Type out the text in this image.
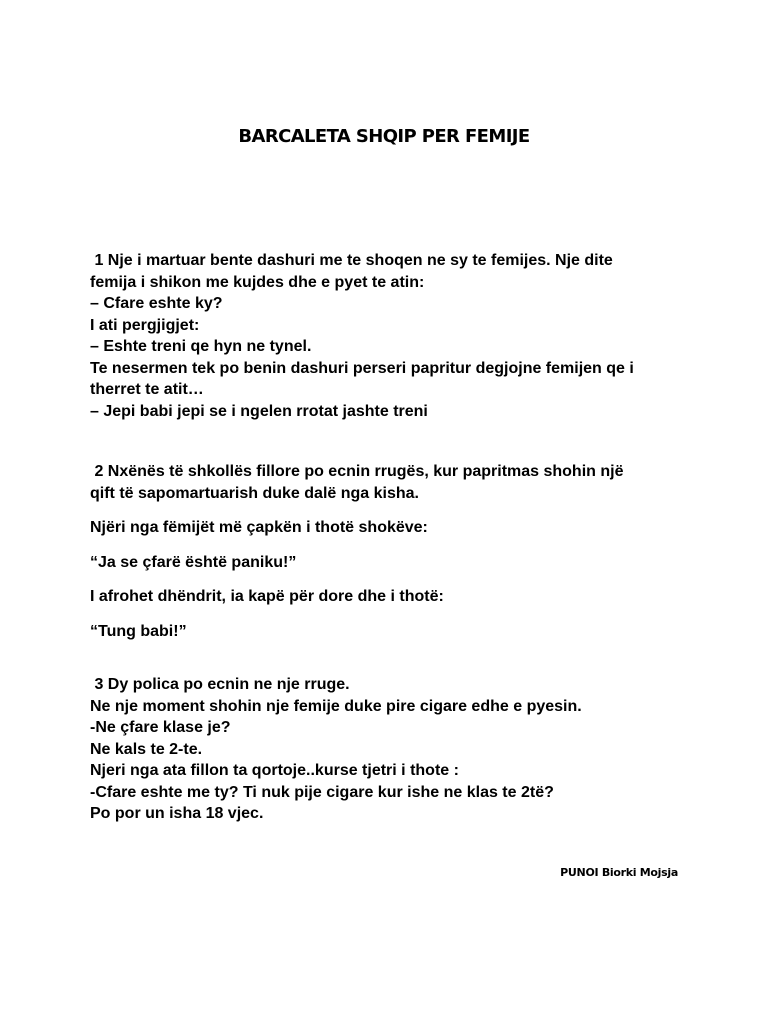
BARCALETA SHQIP PER FEMIJE
1 Nje i martuar bente dashuri me te shoqen ne sy te femijes. Nje dite
femija i shikon me kujdes dhe e pyet te atin:
– Cfare eshte ky?
I ati pergjigjet:
– Eshte treni qe hyn ne tynel.
Te nesermen tek po benin dashuri perseri papritur degjojne femijen qe i
therret te atit…
– Jepi babi jepi se i ngelen rrotat jashte treni
2 Nxënës të shkollës fillore po ecnin rrugës, kur papritmas shohin një
qift të sapomartuarish duke dalë nga kisha.
Njëri nga fëmijët më çapkën i thotë shokëve:
“Ja se çfarë është paniku!”
I afrohet dhëndrit, ia kapë për dore dhe i thotë:
“Tung babi!”
3 Dy polica po ecnin ne nje rruge.
Ne nje moment shohin nje femije duke pire cigare edhe e pyesin.
-Ne çfare klase je?
Ne kals te 2-te.
Njeri nga ata fillon ta qortoje..kurse tjetri i thote :
-Cfare eshte me ty? Ti nuk pije cigare kur ishe ne klas te 2të?
Po por un isha 18 vjec.
PUNOI Biorki Mojsja
